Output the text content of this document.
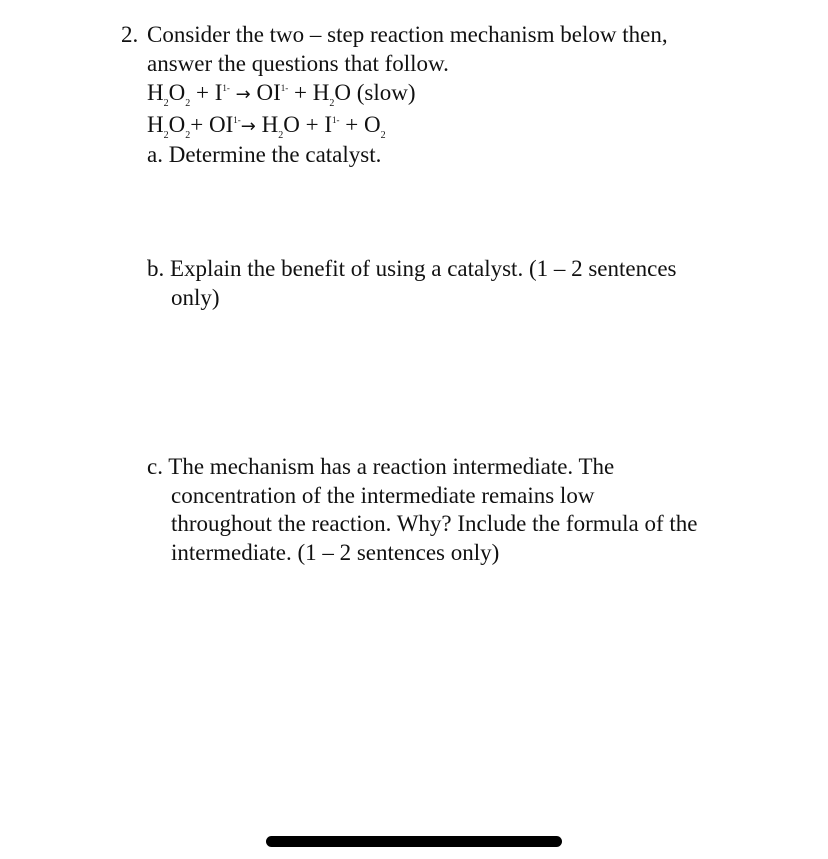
2. Consider the two – step reaction mechanism below then,
answer the questions that follow.
$H_2O_2 + I^{1-} \to OI^{1-} + H_2O$ (slow)
$H_2O_2+ OI^{1-}\to H_2O + I^{1-} + O_2$
a. Determine the catalyst.
b. Explain the benefit of using a catalyst. (1 – 2 sentences
only)
c. The mechanism has a reaction intermediate. The
concentration of the intermediate remains low
throughout the reaction. Why? Include the formula of the
intermediate. (1 – 2 sentences only)
